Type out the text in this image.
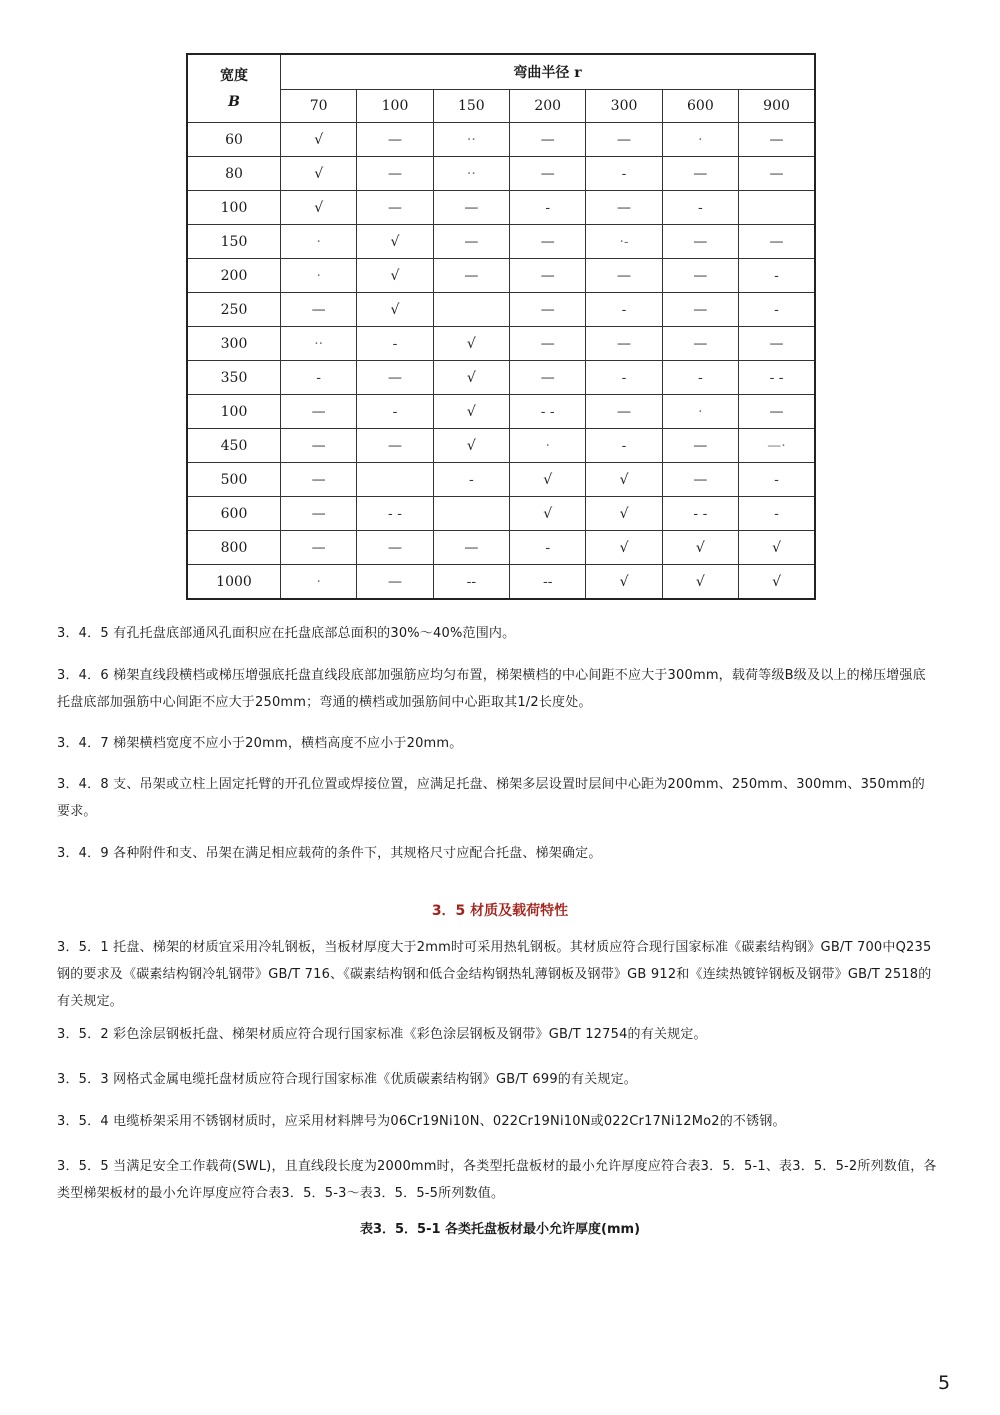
宽度
B	弯曲半径 r						
	70	100	150	200	300	600	900
60	√	—	··	—	—	·	—
80	√	—	··	—	-	—	—
100	√	—	—	-	—	-	
150	·	√	—	—	·-	—	—
200	·	√	—	—	—	—	-
250	—	√		—	-	—	-
300	··	-	√	—	—	—	—
350	-	—	√	—	-	-	- -
100	—	-	√	- -	—	·	—
450	—	—	√	·	-	—	—·
500	—		-	√	√	—	-
600	—	- -		√	√	- -	-
800	—	—	—	-	√	√	√
1000	·	—	--	--	√	√	√

3．4．5 有孔托盘底部通风孔面积应在托盘底部总面积的30%～40%范围内。

3．4．6 梯架直线段横档或梯压增强底托盘直线段底部加强筋应均匀布置，梯架横档的中心间距不应大于300mm，载荷等级B级及以上的梯压增强底托盘底部加强筋中心间距不应大于250mm；弯通的横档或加强筋间中心距取其1/2长度处。

3．4．7 梯架横档宽度不应小于20mm，横档高度不应小于20mm。

3．4．8 支、吊架或立柱上固定托臂的开孔位置或焊接位置，应满足托盘、梯架多层设置时层间中心距为200mm、250mm、300mm、350mm的要求。

3．4．9 各种附件和支、吊架在满足相应载荷的条件下，其规格尺寸应配合托盘、梯架确定。

3．5 材质及载荷特性

3．5．1 托盘、梯架的材质宜采用冷轧钢板，当板材厚度大于2mm时可采用热轧钢板。其材质应符合现行国家标准《碳素结构钢》GB/T 700中Q235钢的要求及《碳素结构钢冷轧钢带》GB/T 716、《碳素结构钢和低合金结构钢热轧薄钢板及钢带》GB 912和《连续热镀锌钢板及钢带》GB/T 2518的有关规定。

3．5．2 彩色涂层钢板托盘、梯架材质应符合现行国家标准《彩色涂层钢板及钢带》GB/T 12754的有关规定。

3．5．3 网格式金属电缆托盘材质应符合现行国家标准《优质碳素结构钢》GB/T 699的有关规定。

3．5．4 电缆桥架采用不锈钢材质时，应采用材料牌号为06Cr19Ni10N、022Cr19Ni10N或022Cr17Ni12Mo2的不锈钢。

3．5．5 当满足安全工作载荷(SWL)，且直线段长度为2000mm时，各类型托盘板材的最小允许厚度应符合表3．5．5-1、表3．5．5-2所列数值，各类型梯架板材的最小允许厚度应符合表3．5．5-3～表3．5．5-5所列数值。

表3．5．5-1 各类托盘板材最小允许厚度(mm)

5
